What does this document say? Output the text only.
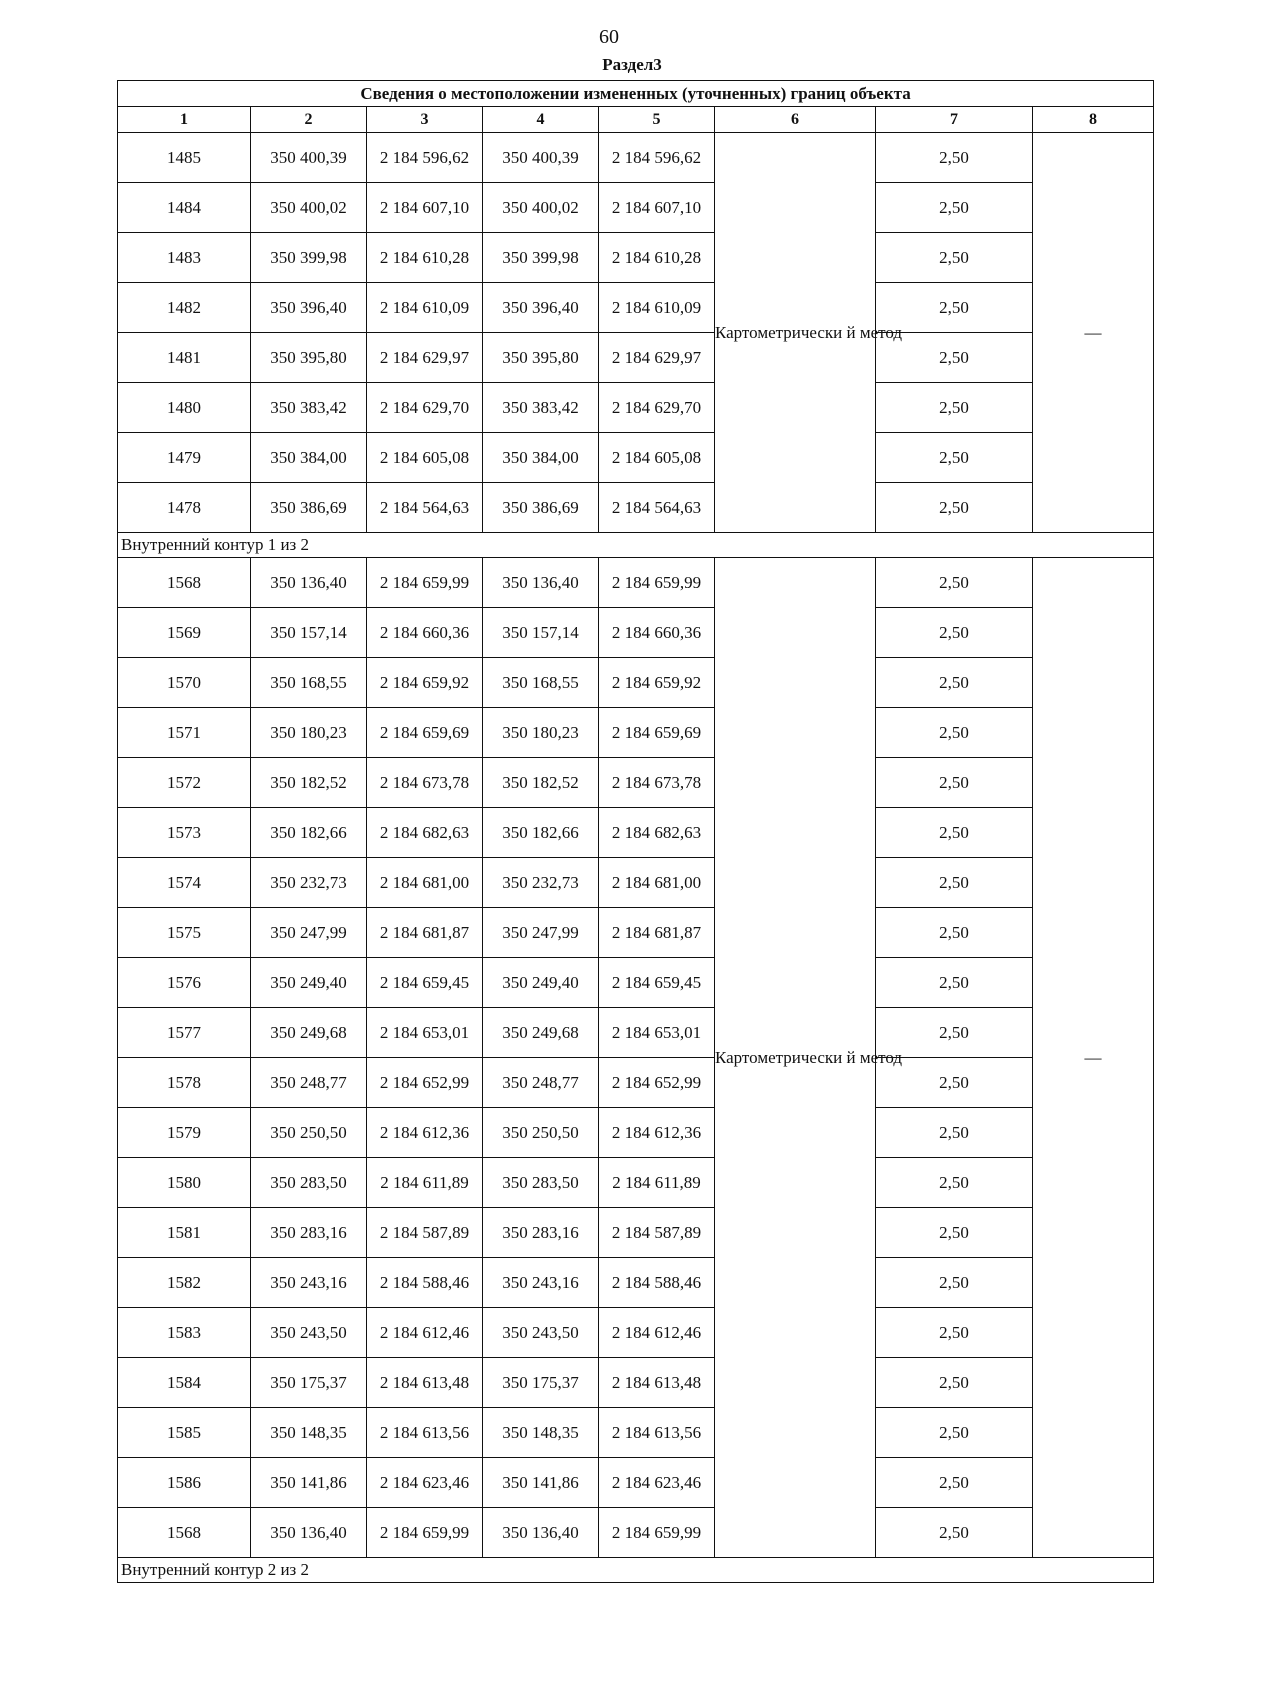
60
Раздел3
Сведения о местоположении измененных (уточненных) границ объекта							
1	2	3	4	5	6	7	8
1485	350 400,39	2 184 596,62	350 400,39	2 184 596,62	Картометрически й метод	2,50	—
1484	350 400,02	2 184 607,10	350 400,02	2 184 607,10		2,50	
1483	350 399,98	2 184 610,28	350 399,98	2 184 610,28		2,50	
1482	350 396,40	2 184 610,09	350 396,40	2 184 610,09		2,50	
1481	350 395,80	2 184 629,97	350 395,80	2 184 629,97		2,50	
1480	350 383,42	2 184 629,70	350 383,42	2 184 629,70		2,50	
1479	350 384,00	2 184 605,08	350 384,00	2 184 605,08		2,50	
1478	350 386,69	2 184 564,63	350 386,69	2 184 564,63		2,50	
Внутренний контур 1 из 2							
1568	350 136,40	2 184 659,99	350 136,40	2 184 659,99	Картометрически й метод	2,50	—
1569	350 157,14	2 184 660,36	350 157,14	2 184 660,36		2,50	
1570	350 168,55	2 184 659,92	350 168,55	2 184 659,92		2,50	
1571	350 180,23	2 184 659,69	350 180,23	2 184 659,69		2,50	
1572	350 182,52	2 184 673,78	350 182,52	2 184 673,78		2,50	
1573	350 182,66	2 184 682,63	350 182,66	2 184 682,63		2,50	
1574	350 232,73	2 184 681,00	350 232,73	2 184 681,00		2,50	
1575	350 247,99	2 184 681,87	350 247,99	2 184 681,87		2,50	
1576	350 249,40	2 184 659,45	350 249,40	2 184 659,45		2,50	
1577	350 249,68	2 184 653,01	350 249,68	2 184 653,01		2,50	
1578	350 248,77	2 184 652,99	350 248,77	2 184 652,99		2,50	
1579	350 250,50	2 184 612,36	350 250,50	2 184 612,36		2,50	
1580	350 283,50	2 184 611,89	350 283,50	2 184 611,89		2,50	
1581	350 283,16	2 184 587,89	350 283,16	2 184 587,89		2,50	
1582	350 243,16	2 184 588,46	350 243,16	2 184 588,46		2,50	
1583	350 243,50	2 184 612,46	350 243,50	2 184 612,46		2,50	
1584	350 175,37	2 184 613,48	350 175,37	2 184 613,48		2,50	
1585	350 148,35	2 184 613,56	350 148,35	2 184 613,56		2,50	
1586	350 141,86	2 184 623,46	350 141,86	2 184 623,46		2,50	
1568	350 136,40	2 184 659,99	350 136,40	2 184 659,99		2,50	
Внутренний контур 2 из 2							
